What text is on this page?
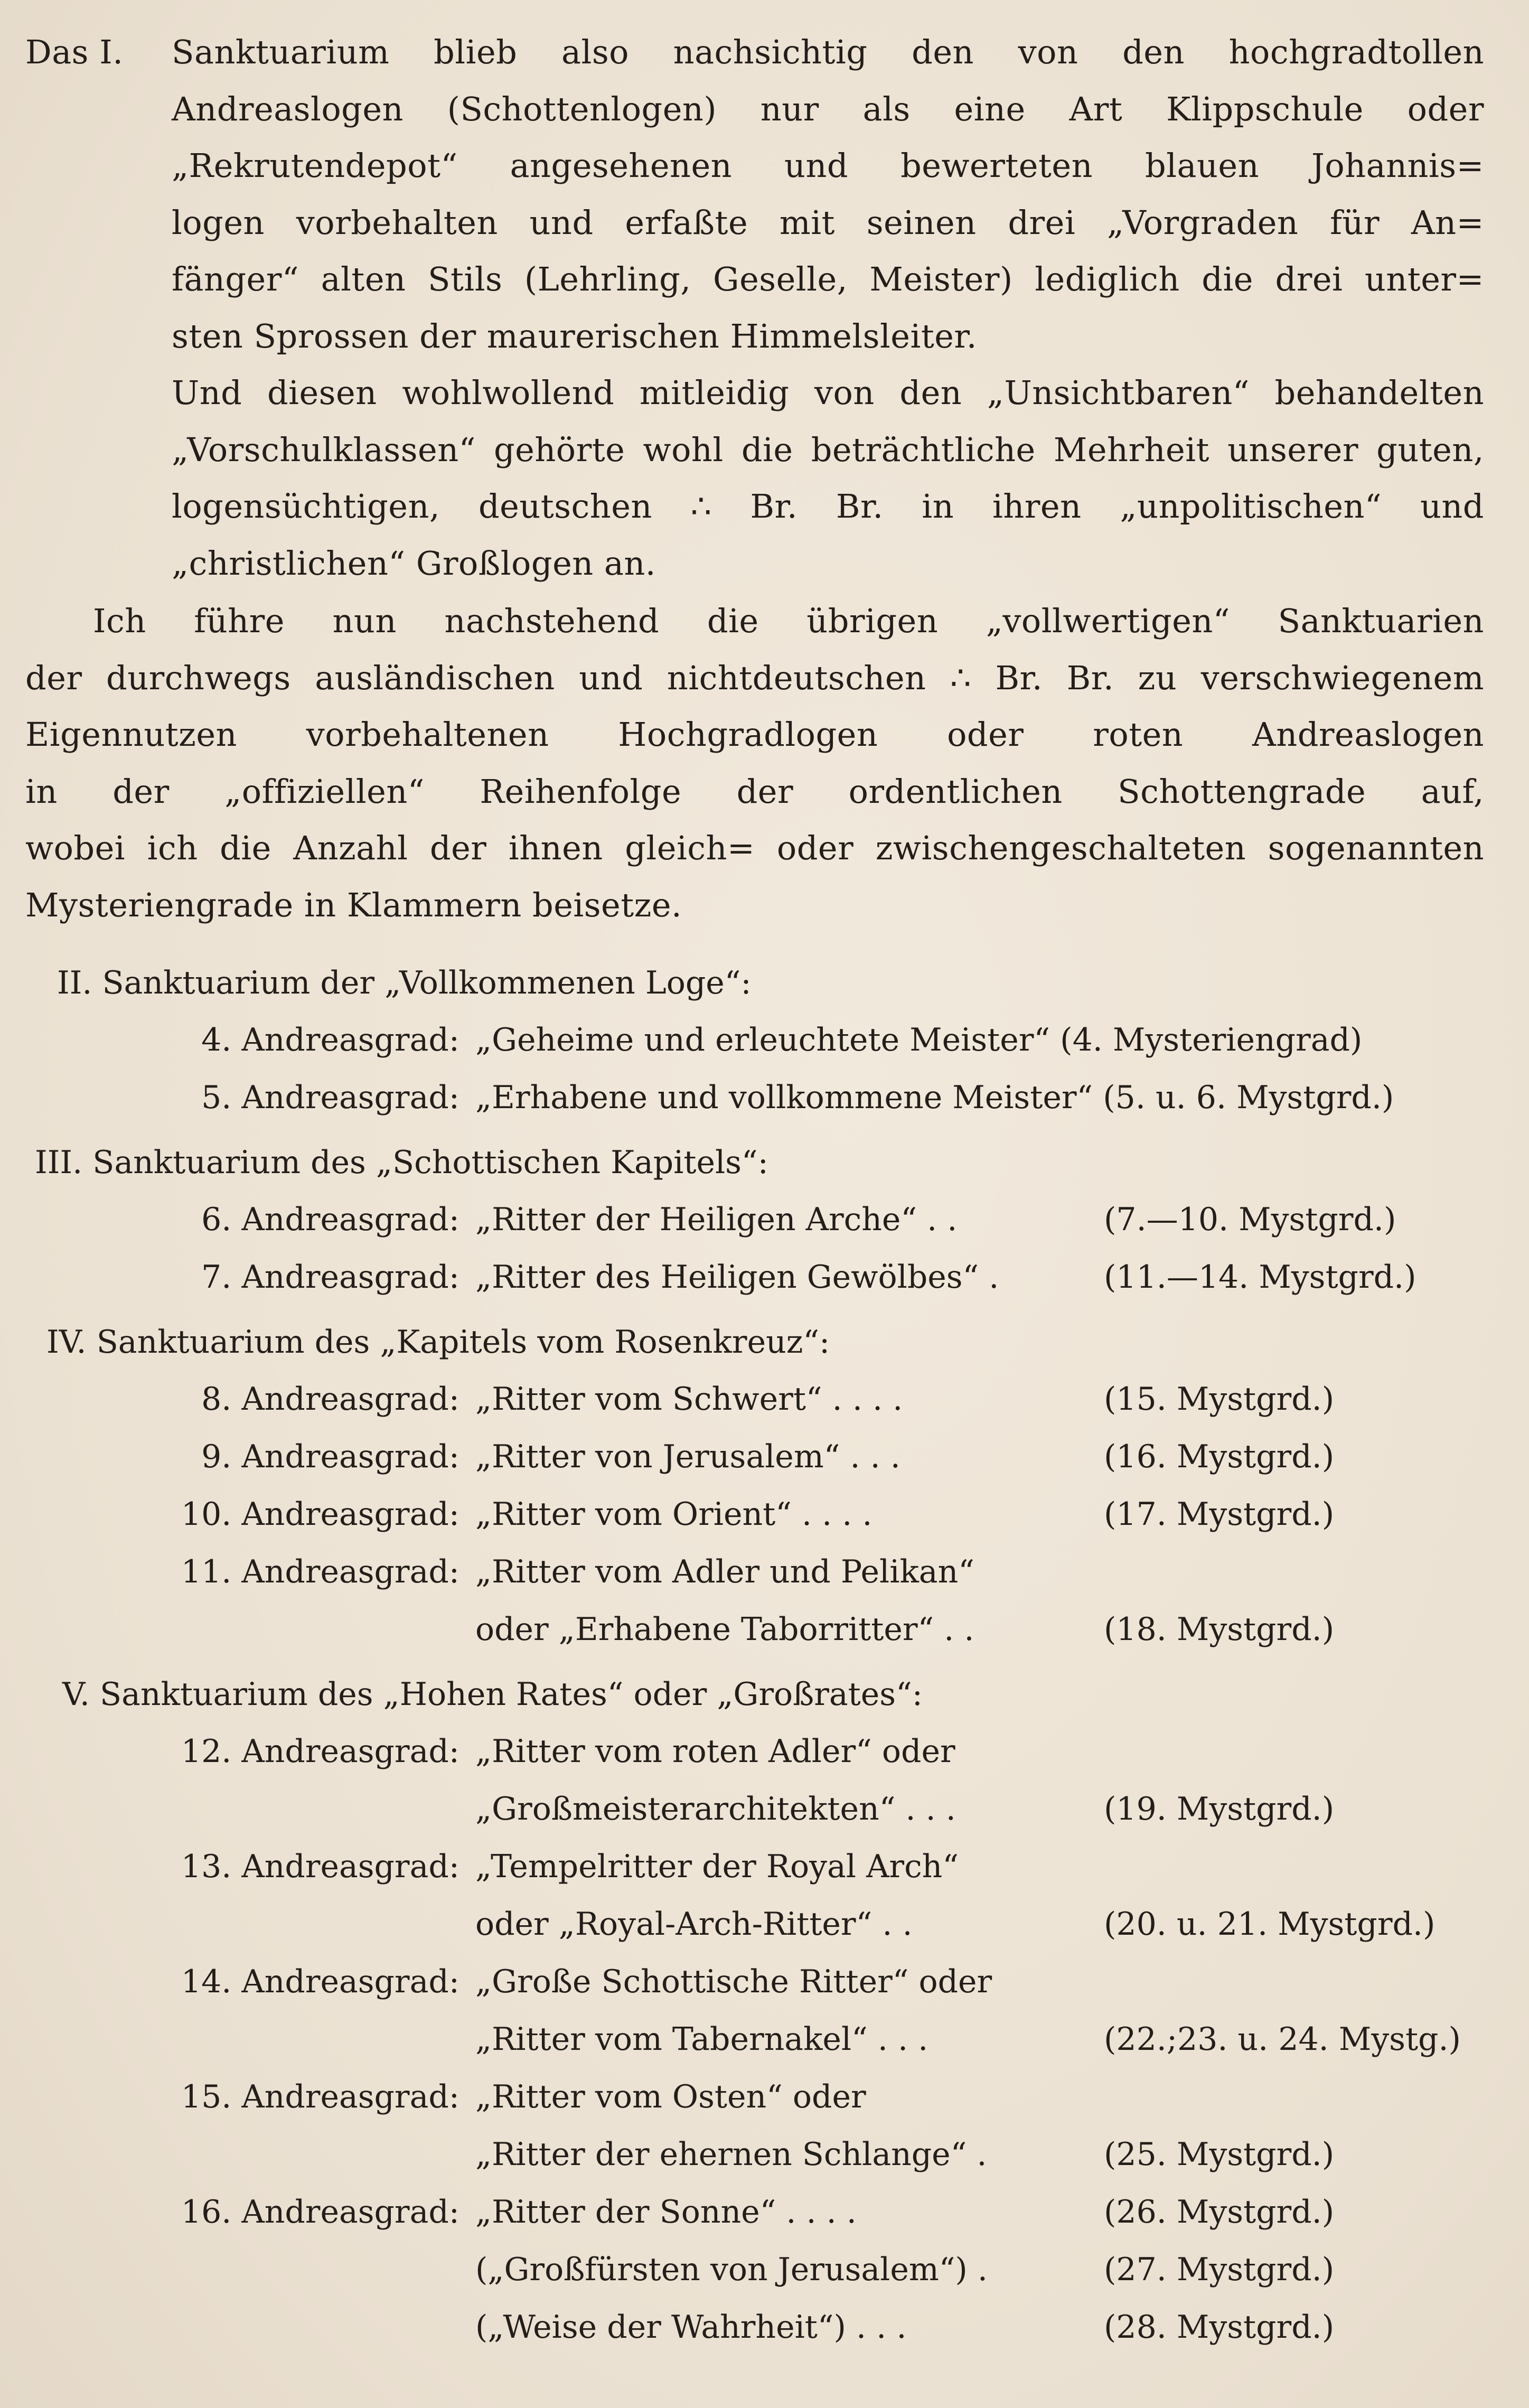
Das I.	Sanktuarium blieb also nachsichtig den von den hochgradtollen
Andreaslogen (Schottenlogen) nur als eine Art Klippschule oder
„Rekrutendepot“ angesehenen und bewerteten blauen Johannis=
logen vorbehalten und erfaßte mit seinen drei „Vorgraden für An=
fänger“ alten Stils (Lehrling, Geselle, Meister) lediglich die drei unter=
sten Sprossen der maurerischen Himmelsleiter.
Und diesen wohlwollend mitleidig von den „Unsichtbaren“ behandelten
„Vorschulklassen“ gehörte wohl die beträchtliche Mehrheit unserer guten,
logensüchtigen, deutschen ∴ Br. Br. in ihren „unpolitischen“ und
„christlichen“ Großlogen an.
Ich führe nun nachstehend die übrigen „vollwertigen“ Sanktuarien
der durchwegs ausländischen und nichtdeutschen ∴ Br. Br. zu verschwiegenem
Eigennutzen vorbehaltenen Hochgradlogen oder roten Andreaslogen
in der „offiziellen“ Reihenfolge der ordentlichen Schottengrade auf,
wobei ich die Anzahl der ihnen gleich= oder zwischengeschalteten sogenannten
Mysteriengrade in Klammern beisetze.
II. Sanktuarium der „Vollkommenen Loge“:
4. Andreasgrad: „Geheime und erleuchtete Meister“ (4. Mysteriengrad)
5. Andreasgrad: „Erhabene und vollkommene Meister“ (5. u. 6. Mystgrd.)
III. Sanktuarium des „Schottischen Kapitels“:
6. Andreasgrad: „Ritter der Heiligen Arche“ . .	(7.—10. Mystgrd.)
7. Andreasgrad: „Ritter des Heiligen Gewölbes“ .	(11.—14. Mystgrd.)
IV. Sanktuarium des „Kapitels vom Rosenkreuz“:
8. Andreasgrad: „Ritter vom Schwert“ . . . .	(15. Mystgrd.)
9. Andreasgrad: „Ritter von Jerusalem“ . . .	(16. Mystgrd.)
10. Andreasgrad: „Ritter vom Orient“ . . . .	(17. Mystgrd.)
11. Andreasgrad: „Ritter vom Adler und Pelikan“
oder „Erhabene Taborritter“ . .	(18. Mystgrd.)
V. Sanktuarium des „Hohen Rates“ oder „Großrates“:
12. Andreasgrad: „Ritter vom roten Adler“ oder
„Großmeisterarchitekten“ . . .	(19. Mystgrd.)
13. Andreasgrad: „Tempelritter der Royal Arch“
oder „Royal-Arch-Ritter“ . .	(20. u. 21. Mystgrd.)
14. Andreasgrad: „Große Schottische Ritter“ oder
„Ritter vom Tabernakel“ . . .	(22.;23. u. 24. Mystg.)
15. Andreasgrad: „Ritter vom Osten“ oder
„Ritter der ehernen Schlange“ .	(25. Mystgrd.)
16. Andreasgrad: „Ritter der Sonne“ . . . .	(26. Mystgrd.)
(„Großfürsten von Jerusalem“) .	(27. Mystgrd.)
(„Weise der Wahrheit“) . . .	(28. Mystgrd.)
